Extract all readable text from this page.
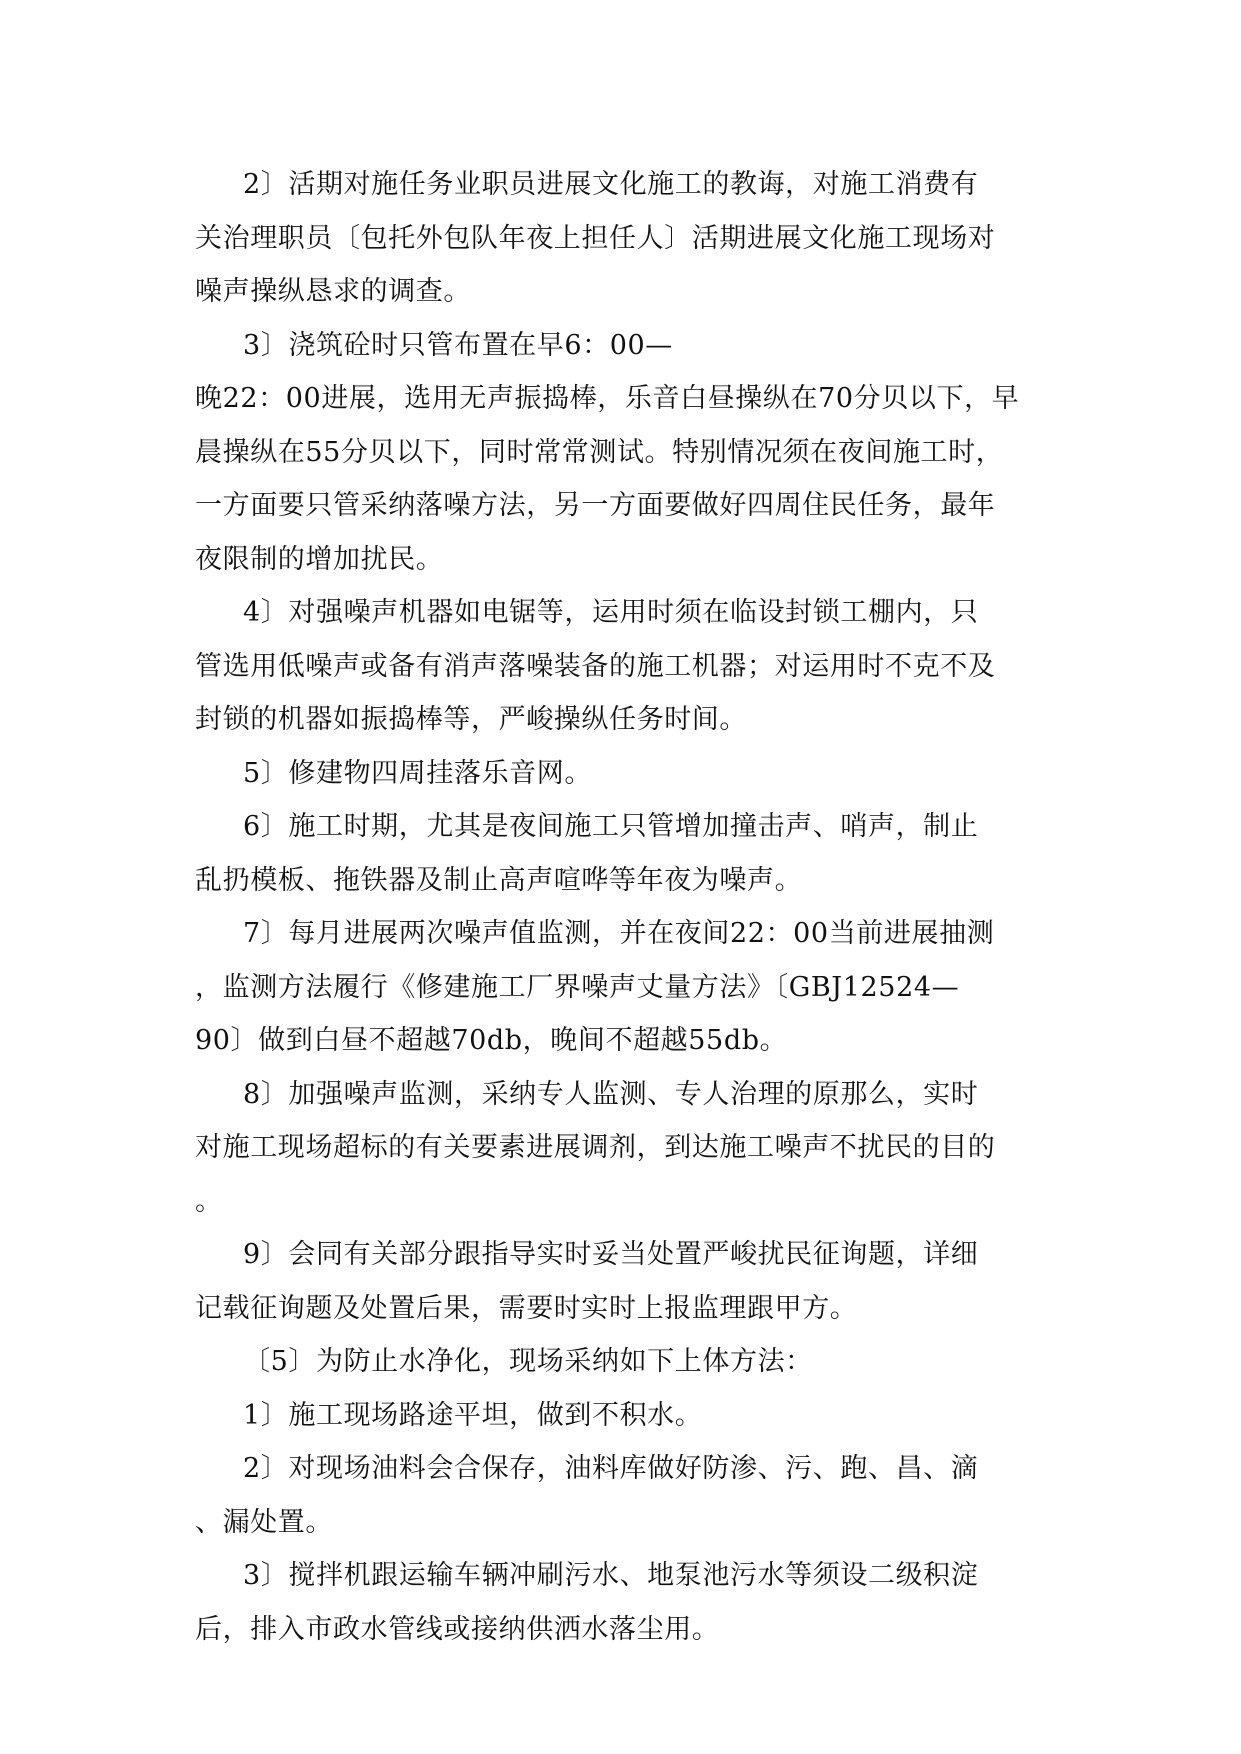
2〕活期对施任务业职员进展文化施工的教诲，对施工消费有
关治理职员〔包托外包队年夜上担任人〕活期进展文化施工现场对
噪声操纵恳求的调查。
3〕浇筑砼时只管布置在早6：00—
晚22：00进展，选用无声振捣棒，乐音白昼操纵在70分贝以下，早
晨操纵在55分贝以下，同时常常测试。特别情况须在夜间施工时，
一方面要只管采纳落噪方法，另一方面要做好四周住民任务，最年
夜限制的增加扰民。
4〕对强噪声机器如电锯等，运用时须在临设封锁工棚内，只
管选用低噪声或备有消声落噪装备的施工机器；对运用时不克不及
封锁的机器如振捣棒等，严峻操纵任务时间。
5〕修建物四周挂落乐音网。
6〕施工时期，尤其是夜间施工只管增加撞击声、哨声，制止
乱扔模板、拖铁器及制止高声喧哗等年夜为噪声。
7〕每月进展两次噪声值监测，并在夜间22：00当前进展抽测
，监测方法履行《修建施工厂界噪声丈量方法》〔GBJ12524—
90〕做到白昼不超越70db，晚间不超越55db。
8〕加强噪声监测，采纳专人监测、专人治理的原那么，实时
对施工现场超标的有关要素进展调剂，到达施工噪声不扰民的目的
。
9〕会同有关部分跟指导实时妥当处置严峻扰民征询题，详细
记载征询题及处置后果，需要时实时上报监理跟甲方。
〔5〕为防止水净化，现场采纳如下上体方法：
1〕施工现场路途平坦，做到不积水。
2〕对现场油料会合保存，油料库做好防渗、污、跑、昌、滴
、漏处置。
3〕搅拌机跟运输车辆冲刷污水、地泵池污水等须设二级积淀
后，排入市政水管线或接纳供洒水落尘用。
